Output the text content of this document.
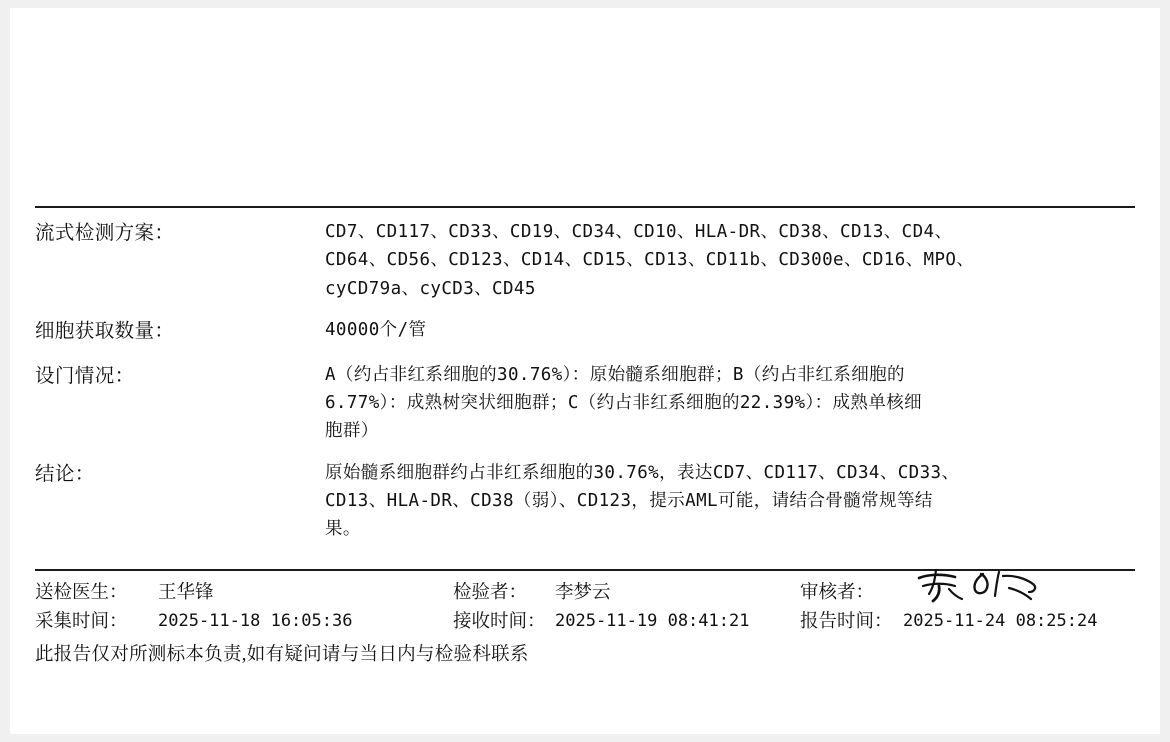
流式检测方案：	CD7、CD117、CD33、CD19、CD34、CD10、HLA-DR、CD38、CD13、CD4、
CD64、CD56、CD123、CD14、CD15、CD13、CD11b、CD300e、CD16、MPO、
cyCD79a、cyCD3、CD45

细胞获取数量：	40000个/管

设门情况：	A（约占非红系细胞的30.76%）：原始髓系细胞群；B（约占非红系细胞的
6.77%）：成熟树突状细胞群；C（约占非红系细胞的22.39%）：成熟单核细
胞群）

结论：	原始髓系细胞群约占非红系细胞的30.76%，表达CD7、CD117、CD34、CD33、
CD13、HLA-DR、CD38（弱）、CD123，提示AML可能，请结合骨髓常规等结
果。
送检医生： 王华锋	检验者： 李梦云	审核者：
采集时间： 2025-11-18 16:05:36	接收时间： 2025-11-19 08:41:21	报告时间： 2025-11-24 08:25:24
此报告仅对所测标本负责,如有疑问请与当日内与检验科联系
